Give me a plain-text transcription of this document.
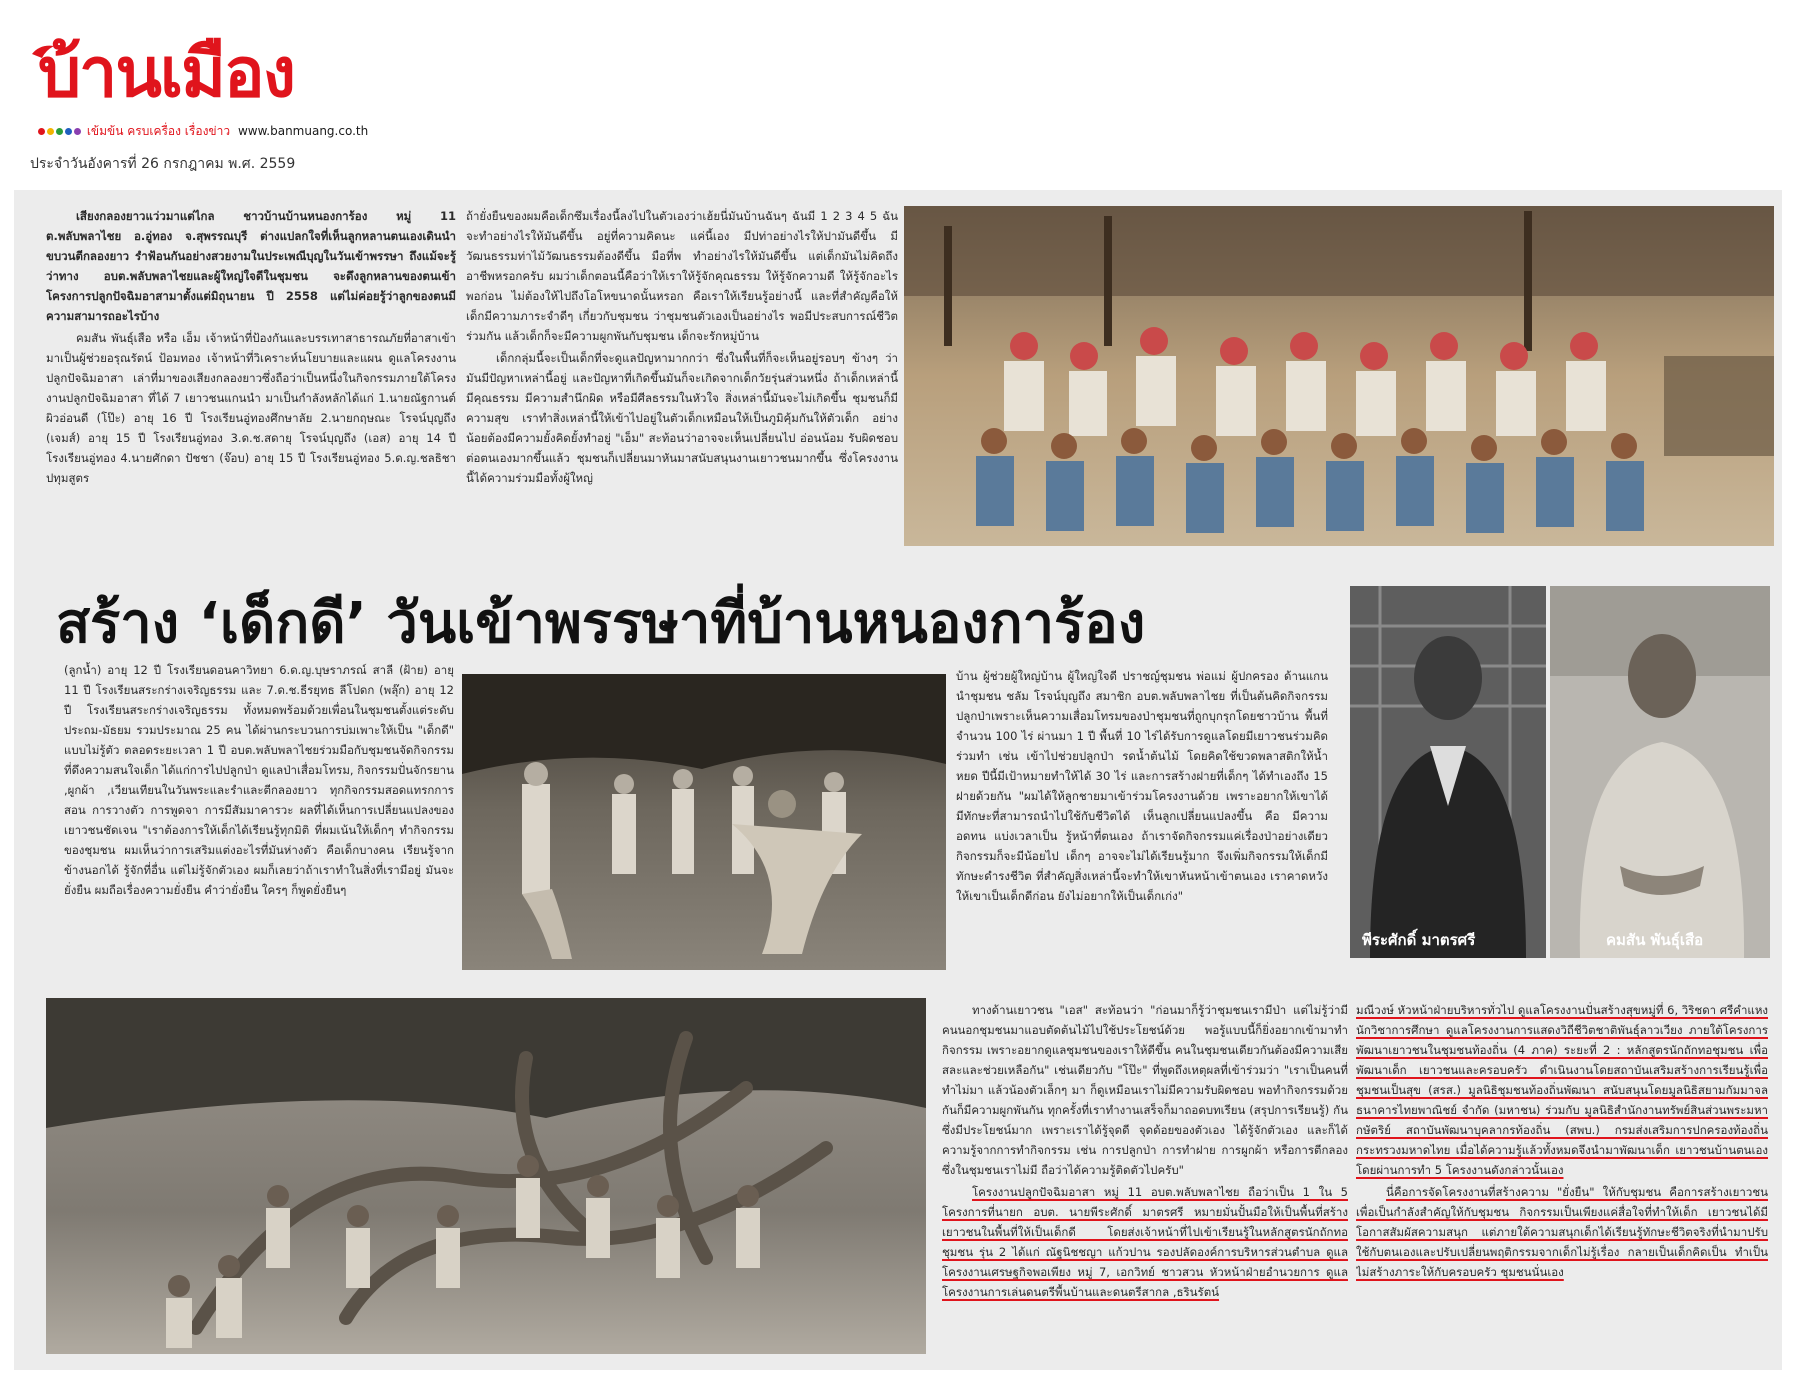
บ้านเมือง
เข้มข้น ครบเครื่อง เรื่องข่าว www.banmuang.co.th
ประจำวันอังคารที่ 26 กรกฎาคม พ.ศ. 2559

เสียงกลองยาวแว่วมาแต่ไกล ชาวบ้านบ้านหนองการ้อง หมู่ 11 ต.พลับพลาไชย อ.อู่ทอง จ.สุพรรณบุรี ต่างแปลกใจที่เห็นลูกหลานตนเองเดินนำขบวนตีกลองยาว รำฟ้อนกันอย่างสวยงามในประเพณีบุญในวันเข้าพรรษา ถึงแม้จะรู้ว่าทาง อบต.พลับพลาไชยและผู้ใหญ่ใจดีในชุมชน จะดึงลูกหลานของตนเข้าโครงการปลูกปัจฉิมอาสามาตั้งแต่มิถุนายน ปี 2558 แต่ไม่ค่อยรู้ว่าลูกของตนมีความสามารถอะไรบ้าง

คมสัน พันธุ์เสือ หรือ เอ็ม เจ้าหน้าที่ป้องกันและบรรเทาสาธารณภัยที่อาสาเข้ามาเป็นผู้ช่วยอรุณรัตน์ ป้อมทอง เจ้าหน้าที่วิเคราะห์นโยบายและแผน ดูแลโครงงานปลูกปัจฉิมอาสา เล่าที่มาของเสียงกลองยาวซึ่งถือว่าเป็นหนึ่งในกิจกรรมภายใต้โครงงานปลูกปัจฉิมอาสา ที่ได้ 7 เยาวชนแกนนำ มาเป็นกำลังหลักได้แก่ 1.นายณัฐกานต์ ผิวอ่อนดี (โป๊ะ) อายุ 16 ปี โรงเรียนอู่ทองศึกษาลัย 2.นายกฤษณะ โรจน์บุญถึง (เจมส์) อายุ 15 ปี โรงเรียนอู่ทอง 3.ด.ช.สดายุ โรจน์บุญถึง (เอส) อายุ 14 ปี โรงเรียนอู่ทอง 4.นายศักดา ปัชชา (จ๊อบ) อายุ 15 ปี โรงเรียนอู่ทอง 5.ด.ญ.ชลธิชา ปทุมสูตร

ถ้ายั่งยืนของผมคือเด็กซึมเรื่องนี้ลงไปในตัวเองว่าเฮ้ยนี่มันบ้านฉันๆ ฉันมี 1 2 3 4 5 ฉันจะทำอย่างไรให้มันดีขึ้น อยู่ที่ความคิดนะ แค่นี้เอง มีปท่าอย่างไรให้ปามันดีขึ้น มีวัฒนธรรมท่าไม้วัฒนธรรมต้องดีขึ้น มือที่พ ทำอย่างไรให้มันดีขึ้น แต่เด็กมันไม่คิดถึงอาชีพหรอกครับ ผมว่าเด็กตอนนี้คือว่าให้เราให้รู้จักคุณธรรม ให้รู้จักความดี ให้รู้จักอะไรพอก่อน ไม่ต้องให้ไปถึงโอโหขนาดนั้นหรอก คือเราให้เรียนรู้อย่างนี้ และที่สำคัญคือให้เด็กมีความภาระจำดีๆ เกี่ยวกับชุมชน ว่าชุมชนตัวเองเป็นอย่างไร พอมีประสบการณ์ชีวิตร่วมกัน แล้วเด็กก็จะมีความผูกพันกับชุมชน เด็กจะรักหมู่บ้าน

เด็กกลุ่มนี้จะเป็นเด็กที่จะดูแลปัญหามากกว่า ซึ่งในพื้นที่ก็จะเห็นอยู่รอบๆ ข้างๆ ว่ามันมีปัญหาเหล่านี้อยู่ และปัญหาที่เกิดขึ้นมันก็จะเกิดจากเด็กวัยรุ่นส่วนหนึ่ง ถ้าเด็กเหล่านี้มีคุณธรรม มีความสำนึกผิด หรือมีศีลธรรมในหัวใจ สิ่งเหล่านี้มันจะไม่เกิดขึ้น ชุมชนก็มีความสุข เราทำสิ่งเหล่านี้ให้เข้าไปอยู่ในตัวเด็กเหมือนให้เป็นภูมิคุ้มกันให้ตัวเด็ก อย่างน้อยต้องมีความยั้งคิดยั้งทำอยู่ "เอ็ม" สะท้อนว่าอาจจะเห็นเปลี่ยนไป อ่อนน้อม รับผิดชอบต่อตนเองมากขึ้นแล้ว ชุมชนก็เปลี่ยนมาหันมาสนับสนุนงานเยาวชนมากขึ้น ซึ่งโครงงานนี้ได้ความร่วมมือทั้งผู้ใหญ่

สร้าง ‘เด็กดี’ วันเข้าพรรษาที่บ้านหนองการ้อง

(ลูกน้ำ) อายุ 12 ปี โรงเรียนดอนคาวิทยา 6.ด.ญ.บุษราภรณ์ สาลี (ฝ้าย) อายุ 11 ปี โรงเรียนสระกร่างเจริญธรรม และ 7.ด.ช.ธีรยุทธ ลีโปดก (พลุ๊ก) อายุ 12 ปี โรงเรียนสระกร่างเจริญธรรม ทั้งหมดพร้อมด้วยเพื่อนในชุมชนตั้งแต่ระดับประถม-มัธยม รวมประมาณ 25 คน ได้ผ่านกระบวนการบ่มเพาะให้เป็น "เด็กดี" แบบไม่รู้ตัว ตลอดระยะเวลา 1 ปี อบต.พลับพลาไชยร่วมมือกับชุมชนจัดกิจกรรมที่ดึงความสนใจเด็ก ได้แก่การไปปลูกป่า ดูแลป่าเสื่อมโทรม, กิจกรรมปั่นจักรยาน ,ผูกผ้า ,เวียนเทียนในวันพระและรำและตีกลองยาว ทุกกิจกรรมสอดแทรกการสอน การวางตัว การพูดจา การมีสัมมาคารวะ ผลที่ได้เห็นการเปลี่ยนแปลงของเยาวชนชัดเจน "เราต้องการให้เด็กได้เรียนรู้ทุกมิติ ที่ผมเน้นให้เด็กๆ ทำกิจกรรมของชุมชน ผมเห็นว่าการเสริมแต่งอะไรที่มันห่างตัว คือเด็กบางคน เรียนรู้จากข้างนอกได้ รู้จักที่อื่น แต่ไม่รู้จักตัวเอง ผมก็เลยว่าถ้าเราทำในสิ่งที่เรามีอยู่ มันจะยั่งยืน ผมถือเรื่องความยั่งยืน คำว่ายั่งยืน ใครๆ ก็พูดยั่งยืนๆ

บ้าน ผู้ช่วยผู้ใหญ่บ้าน ผู้ใหญ่ใจดี ปราชญ์ชุมชน พ่อแม่ ผู้ปกครอง ด้านแกนนำชุมชน ชลัม โรจน์บุญถึง สมาชิก อบต.พลับพลาไชย ที่เป็นต้นคิดกิจกรรมปลูกป่าเพราะเห็นความเสื่อมโทรมของป่าชุมชนที่ถูกบุกรุกโดยชาวบ้าน พื้นที่จำนวน 100 ไร่ ผ่านมา 1 ปี พื้นที่ 10 ไร่ได้รับการดูแลโดยมีเยาวชนร่วมคิด ร่วมทำ เช่น เข้าไปช่วยปลูกป่า รดน้ำต้นไม้ โดยคิดใช้ขวดพลาสติกให้น้ำหยด ปีนี้มีเป้าหมายทำให้ได้ 30 ไร่ และการสร้างฝายที่เด็กๆ ได้ทำเองถึง 15 ฝายด้วยกัน "ผมได้ให้ลูกชายมาเข้าร่วมโครงงานด้วย เพราะอยากให้เขาได้มีทักษะที่สามารถนำไปใช้กับชีวิตได้ เห็นลูกเปลี่ยนแปลงขึ้น คือ มีความอดทน แบ่งเวลาเป็น รู้หน้าที่ตนเอง ถ้าเราจัดกิจกรรมแค่เรื่องป่าอย่างเดียว กิจกรรมก็จะมีน้อยไป เด็กๆ อาจจะไม่ได้เรียนรู้มาก จึงเพิ่มกิจกรรมให้เด็กมีทักษะดำรงชีวิต ที่สำคัญสิ่งเหล่านี้จะทำให้เขาหันหน้าเข้าตนเอง เราคาดหวังให้เขาเป็นเด็กดีก่อน ยังไม่อยากให้เป็นเด็กเก่ง"

พีระศักดิ์ มาตรศรี	คมสัน พันธุ์เสือ

ทางด้านเยาวชน "เอส" สะท้อนว่า "ก่อนมาก็รู้ว่าชุมชนเรามีป่า แต่ไม่รู้ว่ามีคนนอกชุมชนมาแอบตัดต้นไม้ไปใช้ประโยชน์ด้วย พอรู้แบบนี้ก็ยิ่งอยากเข้ามาทำกิจกรรม เพราะอยากดูแลชุมชนของเราให้ดีขึ้น คนในชุมชนเดียวกันต้องมีความเสียสละและช่วยเหลือกัน" เช่นเดียวกับ "โป๊ะ" ที่พูดถึงเหตุผลที่เข้าร่วมว่า "เราเป็นคนที่ทำไม่มา แล้วน้องตัวเล็กๆ มา ก็ดูเหมือนเราไม่มีความรับผิดชอบ พอทำกิจกรรมด้วยกันก็มีความผูกพันกัน ทุกครั้งที่เราทำงานเสร็จก็มาถอดบทเรียน (สรุปการเรียนรู้) กัน ซึ่งมีประโยชน์มาก เพราะเราได้รู้จุดดี จุดด้อยของตัวเอง ได้รู้จักตัวเอง และก็ได้ความรู้จากการทำกิจกรรม เช่น การปลูกป่า การทำฝาย การผูกผ้า หรือการตีกลอง ซึ่งในชุมชนเราไม่มี ถือว่าได้ความรู้ติดตัวไปครับ"

โครงงานปลูกปัจฉิมอาสา หมู่ 11 อบต.พลับพลาไชย ถือว่าเป็น 1 ใน 5 โครงการที่นายก อบต. นายพีระศักดิ์ มาตรศรี หมายมั่นปั้นมือให้เป็นพื้นที่สร้างเยาวชนในพื้นที่ให้เป็นเด็กดี โดยส่งเจ้าหน้าที่ไปเข้าเรียนรู้ในหลักสูตรนักถักทอชุมชน รุ่น 2 ได้แก่ ณัฐนิชชญา แก้วปาน รองปลัดองค์การบริหารส่วนตำบล ดูแลโครงงานเศรษฐกิจพอเพียง หมู่ 7, เอกวิทย์ ชาวสวน หัวหน้าฝ่ายอำนวยการ ดูแลโครงงานการเล่นดนตรีพื้นบ้านและดนตรีสากล ,ธรินรัตน์

มณีวงษ์ หัวหน้าฝ่ายบริหารทั่วไป ดูแลโครงงานปั่นสร้างสุขหมู่ที่ 6, วิริชดา ศรีคำแหง นักวิชาการศึกษา ดูแลโครงงานการแสดงวิถีชีวิตชาติพันธุ์ลาวเวียง ภายใต้โครงการพัฒนาเยาวชนในชุมชนท้องถิ่น (4 ภาค) ระยะที่ 2 : หลักสูตรนักถักทอชุมชน เพื่อพัฒนาเด็ก เยาวชนและครอบครัว ดำเนินงานโดยสถาบันเสริมสร้างการเรียนรู้เพื่อชุมชนเป็นสุข (สรส.) มูลนิธิชุมชนท้องถิ่นพัฒนา สนับสนุนโดยมูลนิธิสยามกัมมาจล ธนาคารไทยพาณิชย์ จำกัด (มหาชน) ร่วมกับ มูลนิธิสำนักงานทรัพย์สินส่วนพระมหากษัตริย์ สถาบันพัฒนาบุคลากรท้องถิ่น (สพบ.) กรมส่งเสริมการปกครองท้องถิ่น กระทรวงมหาดไทย เมื่อได้ความรู้แล้วทั้งหมดจึงนำมาพัฒนาเด็ก เยาวชนบ้านตนเอง โดยผ่านการทำ 5 โครงงานดังกล่าวนั้นเอง

นี่คือการจัดโครงงานที่สร้างความ "ยั่งยืน" ให้กับชุมชน คือการสร้างเยาวชนเพื่อเป็นกำลังสำคัญให้กับชุมชน กิจกรรมเป็นเพียงแค่สื่อใจที่ทำให้เด็ก เยาวชนได้มีโอกาสสัมผัสความสนุก แต่ภายใต้ความสนุกเด็กได้เรียนรู้ทักษะชีวิตจริงที่นำมาปรับใช้กับตนเองและปรับเปลี่ยนพฤติกรรมจากเด็กไม่รู้เรื่อง กลายเป็นเด็กคิดเป็น ทำเป็น ไม่สร้างภาระให้กับครอบครัว ชุมชนนั่นเอง
